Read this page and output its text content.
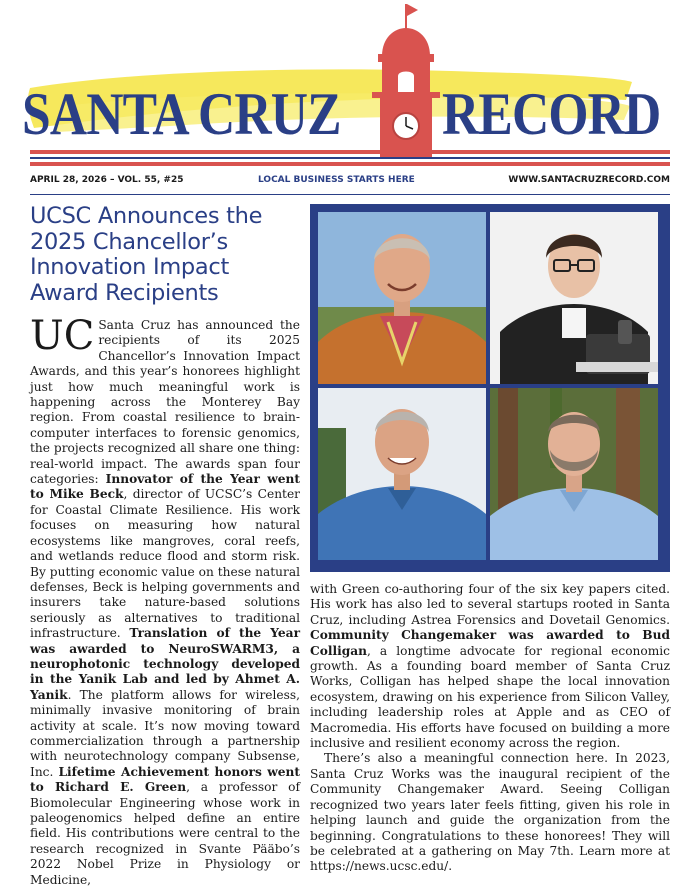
SANTA CRUZ RECORD
APRIL 28, 2026 – VOL. 55, #25	LOCAL BUSINESS STARTS HERE	WWW.SANTACRUZRECORD.COM
UCSC Announces the 2025 Chancellor’s Innovation Impact Award Recipients

UC Santa Cruz has announced the recipients of its 2025 Chancellor’s Innovation Impact Awards, and this year’s honorees highlight just how much meaningful work is happening across the Monterey Bay region. From coastal resilience to brain-computer interfaces to forensic genomics, the projects recognized all share one thing: real-world impact. The awards span four categories: Innovator of the Year went to Mike Beck, director of UCSC’s Center for Coastal Climate Resilience. His work focuses on measuring how natural ecosystems like mangroves, coral reefs, and wetlands reduce flood and storm risk. By putting economic value on these natural defenses, Beck is helping governments and insurers take nature-based solutions seriously as alternatives to traditional infrastructure. Translation of the Year was awarded to NeuroSWARM3, a neurophotonic technology developed in the Yanik Lab and led by Ahmet A. Yanik. The platform allows for wireless, minimally invasive monitoring of brain activity at scale. It’s now moving toward commercialization through a partnership with neurotechnology company Subsense, Inc. Lifetime Achievement honors went to Richard E. Green, a professor of Biomolecular Engineering whose work in paleogenomics helped define an entire field. His contributions were central to the research recognized in Svante Pääbo’s 2022 Nobel Prize in Physiology or Medicine,

with Green co-authoring four of the six key papers cited. His work has also led to several startups rooted in Santa Cruz, including Astrea Forensics and Dovetail Genomics. Community Changemaker was awarded to Bud Colligan, a longtime advocate for regional economic growth. As a founding board member of Santa Cruz Works, Colligan has helped shape the local innovation ecosystem, drawing on his experience from Silicon Valley, including leadership roles at Apple and as CEO of Macromedia. His efforts have focused on building a more inclusive and resilient economy across the region.

There’s also a meaningful connection here. In 2023, Santa Cruz Works was the inaugural recipient of the Community Changemaker Award. Seeing Colligan recognized two years later feels fitting, given his role in helping launch and guide the organization from the beginning. Congratulations to these honorees! They will be celebrated at a gathering on May 7th. Learn more at https://news.ucsc.edu/.
